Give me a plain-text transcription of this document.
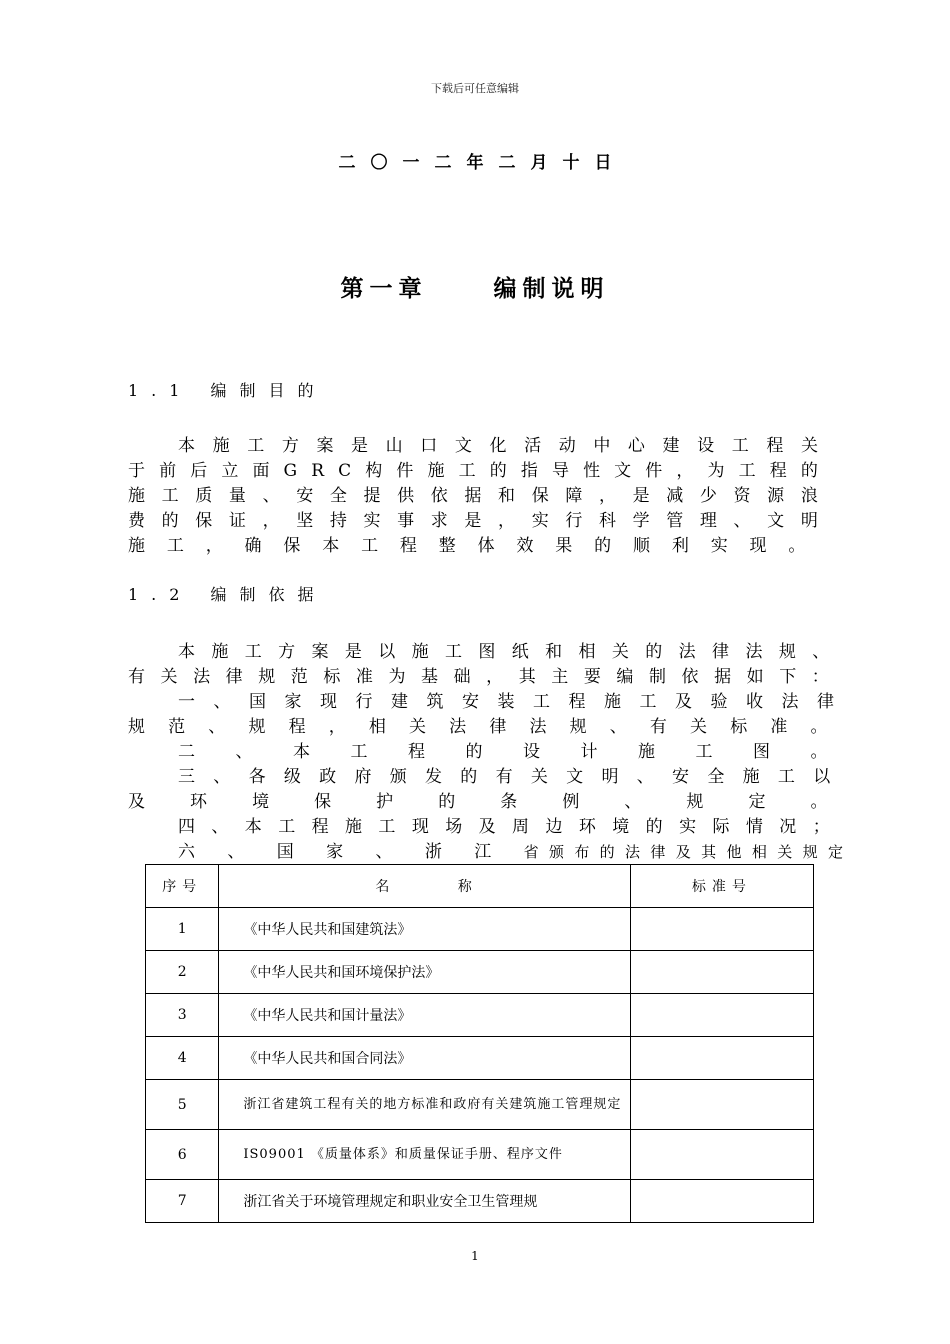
下载后可任意编辑
二〇一二年二月十日
第一章	编制说明
1.1 编制目的
本 施 工 方 案 是 山 口 文 化 活 动 中 心 建 设 工 程 关
于 前 后 立 面 G R C 构 件 施 工 的 指 导 性 文 件 ， 为 工 程 的
施 工 质 量 、 安 全 提 供 依 据 和 保 障 ， 是 减 少 资 源 浪
费 的 保 证 ， 坚 持 实 事 求 是 ， 实 行 科 学 管 理 、 文 明
施工，确保本工程整体效果的顺利实现。
1.2 编制依据
本施工方案是以施工图纸和相关的法律法规、
有关法律规范标准为基础，其主要编制依据如下：
一、国家现行建筑安装工程施工及验收法律
规范、规程，相关法律法规、有关标准。
二、本工程的设计施工图。
三、各级政府颁发的有关文明、安全施工以
及环境保护的条例、规定。
四、本工程施工现场及周边环境的实际情况；
六、国家、浙江省颁布的法律及其他相关规定
序号	名 称	标准号
1	《中华人民共和国建筑法》	
2	《中华人民共和国环境保护法》	
3	《中华人民共和国计量法》	
4	《中华人民共和国合同法》	
5	浙江省建筑工程有关的地方标准和政府有关建筑施工管理规定	
6	IS09001 《质量体系》和质量保证手册、程序文件	
7	浙江省关于环境管理规定和职业安全卫生管理规	
1
